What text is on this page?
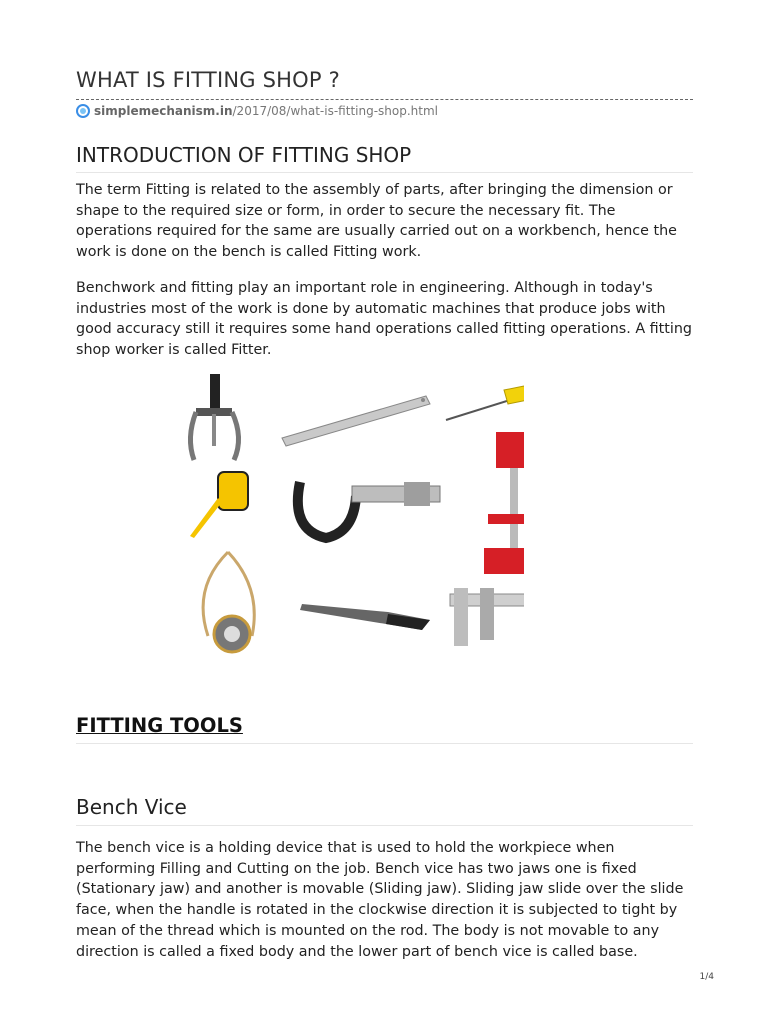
WHAT IS FITTING SHOP ?
simplemechanism.in/2017/08/what-is-fitting-shop.html
INTRODUCTION OF FITTING SHOP
The term Fitting is related to the assembly of parts, after bringing the dimension or shape to the required size or form, in order to secure the necessary fit. The operations required for the same are usually carried out on a workbench, hence the work is done on the bench is called Fitting work.
Benchwork and fitting play an important role in engineering. Although in today's industries most of the work is done by automatic machines that produce jobs with good accuracy still it requires some hand operations called fitting operations. A fitting shop worker is called Fitter.
FITTING TOOLS
Bench Vice
The bench vice is a holding device that is used to hold the workpiece when performing Filling and Cutting on the job. Bench vice has two jaws one is fixed (Stationary jaw) and another is movable (Sliding jaw). Sliding jaw slide over the slide face, when the handle is rotated in the clockwise direction it is subjected to tight by mean of the thread which is mounted on the rod. The body is not movable to any direction is called a fixed body and the lower part of bench vice is called base.
1/4
